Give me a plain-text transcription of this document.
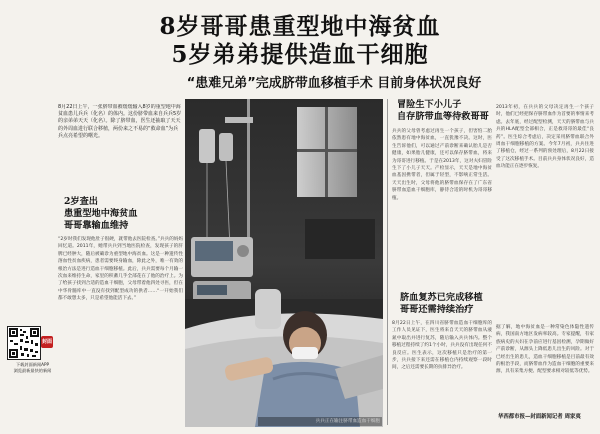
8岁哥哥患重型地中海贫血
5岁弟弟提供造血干细胞
“患难兄弟”完成脐带血移植手术 目前身体状况良好
8月22日上午，一张脐带血被缓缓输入8岁的重型地中海贫血患儿兵兵（化名）的体内。这份脐带血来自兵兵5岁的亲弟弟天天（化名）。除了脐带血，医生还抽取了天天的外周血进行联合移植，两份来之不易的“救命血”为兵兵点亮希望的曙光。
2岁查出
患重型地中海贫血
哥哥靠输血维持
“2岁时我们发现他肚子很硬，就带他去医院检查。”兵兵的妈妈回忆道。2011年，她带兵兵到当地医院检查，发现孩子的肝脾已经肿大，随后被确诊为重型地中海贫血。这是一种遗传性溶血性贫血疾病，患者需要终身输血，除此之外，唯一有效的根治方法是进行造血干细胞移植。此后，兵兵需要每个月输一次血来维持生命，家里的积蓄几乎全部花在了他的治疗上。为了给孩子找到合适的造血干细胞，父母带着他四处寻医，但在中华骨髓库中一直没有找到配型成功的供者……“一开始我们都不敢想太多，只是希望他能活下去。”
冒险生下小儿子
自存脐带血等待救哥哥
兵兵的父母曾考虑过再生一个孩子，但害怕二胎依然患有地中海贫血，一直犹豫不决。这时，医生告诉他们，可以通过产前诊断来确认胎儿是否健康，如果胎儿健康，还可以保存脐带血，将来为哥哥进行移植。于是在2013年，这对夫妇冒险生下了小儿子天天。产检显示，天天是地中海贫血基因携带者，但属于轻型，不影响正常生活。天天出生时，父母将他的脐带血保存在了广东省脐带血造血干细胞库，静待合适的时机为哥哥移植。
2013年初，在兵兵的父母决定再生一个孩子时，他们已经把保存脐带血作为首要的事情来考虑。去年底，经过配型检测，天天的脐带血与兵兵的HLA配型全部相合，正是救哥哥的最佳“良药”。医生综合考虑后，决定采用脐带血联合外周血干细胞移植的方案。今年7月初，兵兵住进了移植仓，经过一系列的预处理后，8月22日接受了这次移植手术。目前兵兵身体状况良好，造血功能正在逐步恢复。
脐血复苏已完成移植
哥哥还需持续治疗
8月22日上午，在四川省脐带血造血干细胞库的工作人员见证下，医生将来自天天的脐带血从液氮中取出并进行复苏，随后输入兵兵体内。整个移植过程持续了约1个小时，兵兵没有出现任何不良反应。医生表示，这次移植只是治疗的第一步，兵兵接下来还需在移植仓内持续观察一段时间，之后还需要长期的抗排异治疗。
据了解，地中海贫血是一种常染色体隐性遗传病，我国南方地区发病率较高。专家提醒，有家族病史的夫妇在孕前应进行基因检测，孕期做好产前诊断，从源头上降低患儿出生的风险。对于已经出生的患儿，造血干细胞移植是目前最有效的根治手段，而脐带血作为造血干细胞的重要来源，具有采集方便、配型要求相对较低等优势。
华西都市报—封面新闻记者 周家夷
兵兵正在输注脐带血造血干细胞
封面
下载封面新闻APP
浏览最新最快的新闻
